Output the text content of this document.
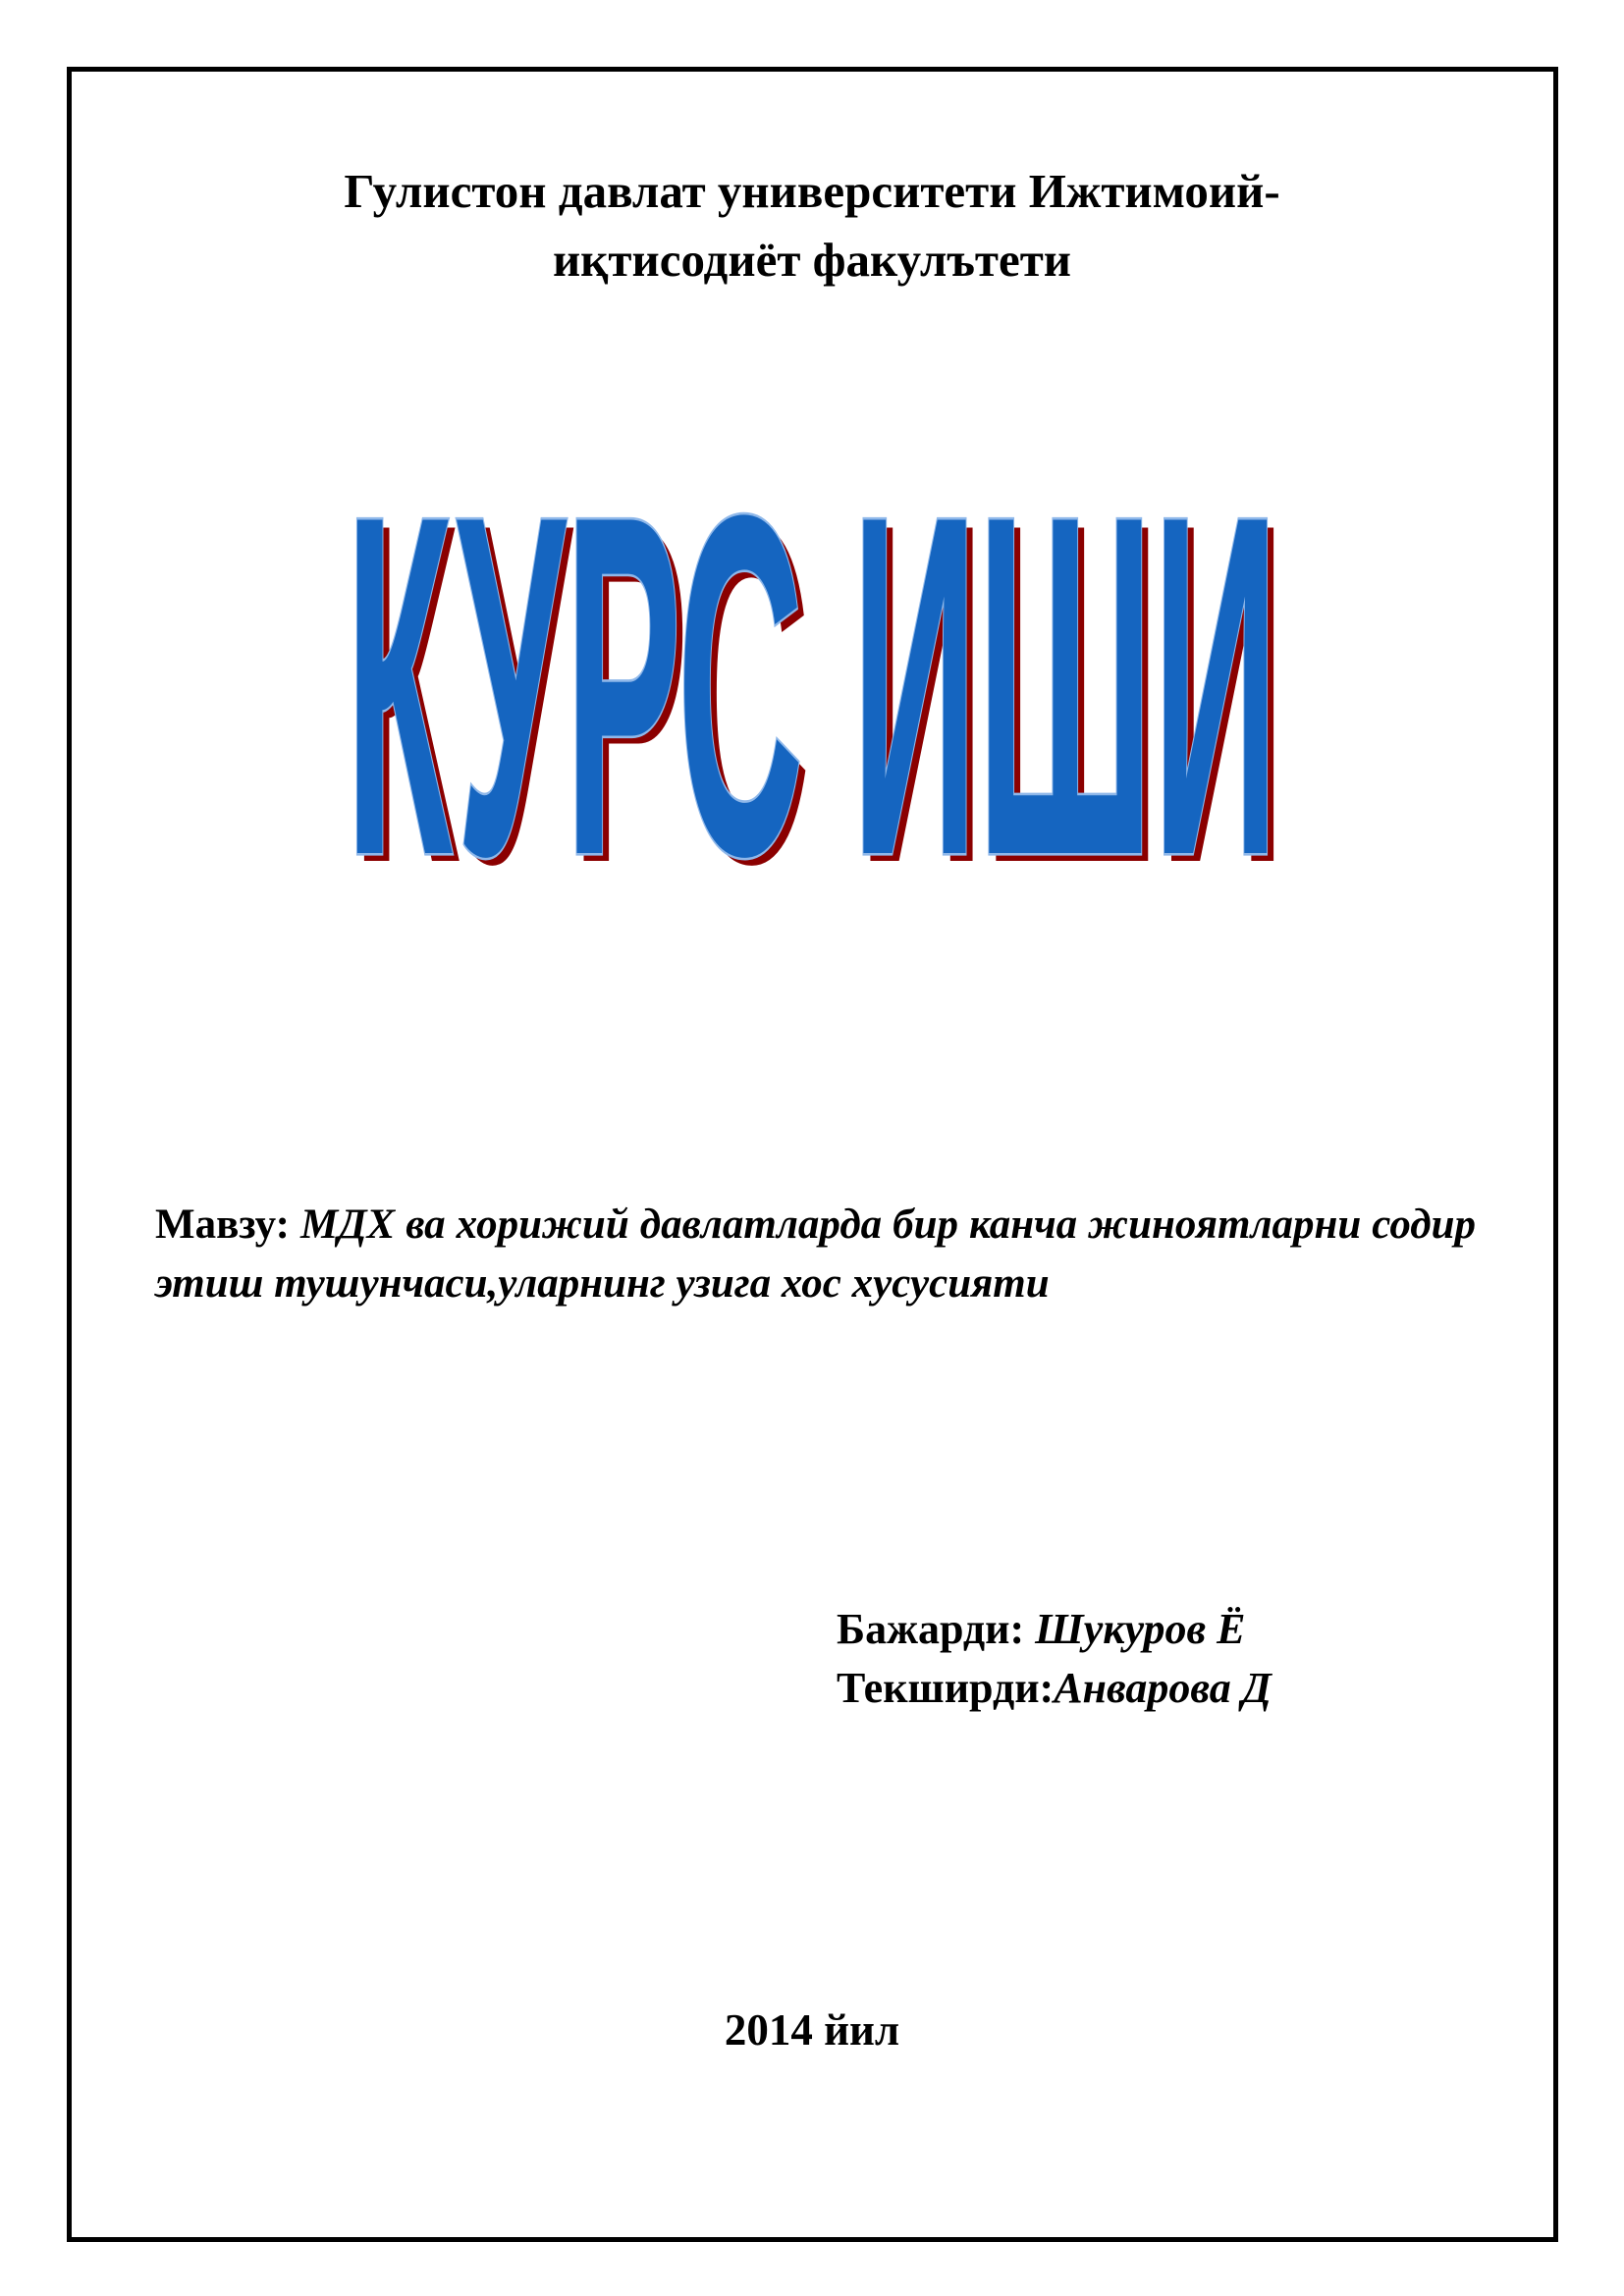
Гулистон давлат университети Ижтимоий-
иқтисодиёт факулътети
КУРС ИШИ
КУРС ИШИ

Мавзу: МДХ ва хорижий давлатларда бир канча жиноятларни содир этиш тушунчаси,уларнинг узига хос хусусияти

Бажарди: Шукуров Ё
Текширди:Анварова Д
2014 йил
